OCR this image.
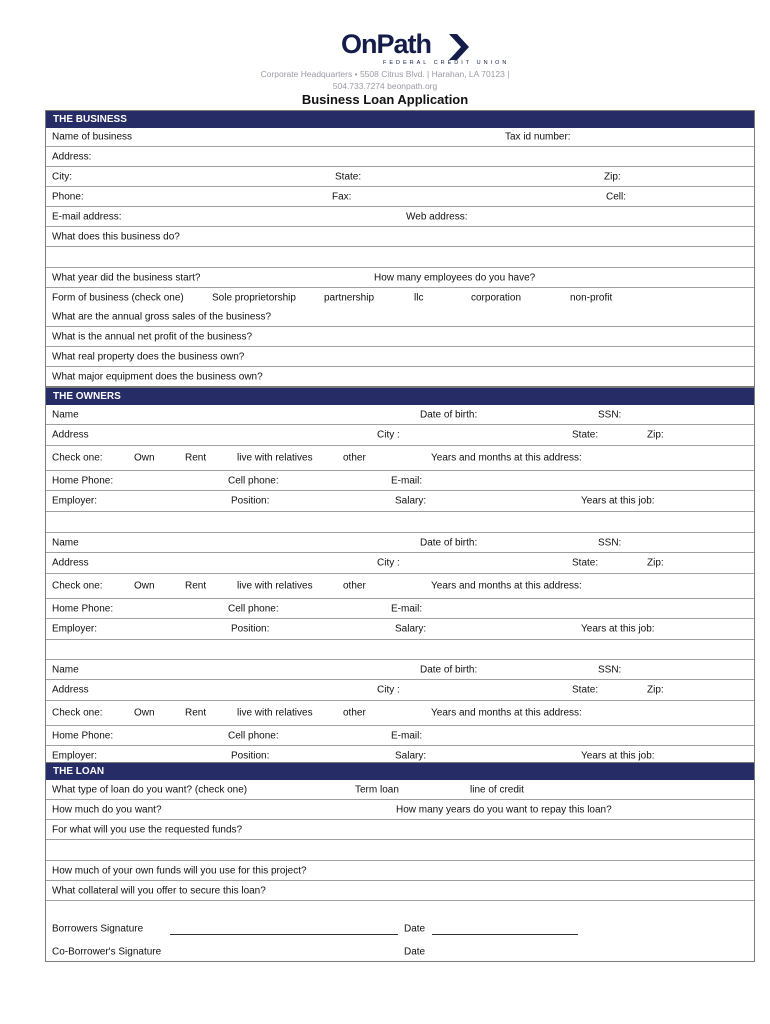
OnPath
FEDERAL CREDIT UNION
Corporate Headquarters • 5508 Citrus Blvd. | Harahan, LA 70123 |
504.733.7274 beonpath.org
Business Loan Application
THE BUSINESS
Name of business	Tax id number:
Address:
City:	State:	Zip:
Phone:	Fax:	Cell:
E-mail address:	Web address:
What does this business do?
What year did the business start?	How many employees do you have?
Form of business (check one)	Sole proprietorship	partnership	llc	corporation	non-profit
What are the annual gross sales of the business?
What is the annual net profit of the business?
What real property does the business own?
What major equipment does the business own?
THE OWNERS
Name	Date of birth:	SSN:
Address	City :	State:	Zip:
Check one:	Own	Rent	live with relatives	other	Years and months at this address:
Home Phone:	Cell phone:	E-mail:
Employer:	Position:	Salary:	Years at this job:
Name	Date of birth:	SSN:
Address	City :	State:	Zip:
Check one:	Own	Rent	live with relatives	other	Years and months at this address:
Home Phone:	Cell phone:	E-mail:
Employer:	Position:	Salary:	Years at this job:
Name	Date of birth:	SSN:
Address	City :	State:	Zip:
Check one:	Own	Rent	live with relatives	other	Years and months at this address:
Home Phone:	Cell phone:	E-mail:
Employer:	Position:	Salary:	Years at this job:
THE LOAN
What type of loan do you want? (check one)	Term loan	line of credit
How much do you want?	How many years do you want to repay this loan?
For what will you use the requested funds?
How much of your own funds will you use for this project?
What collateral will you offer to secure this loan?
Borrowers Signature	Date
Co-Borrower's Signature	Date
